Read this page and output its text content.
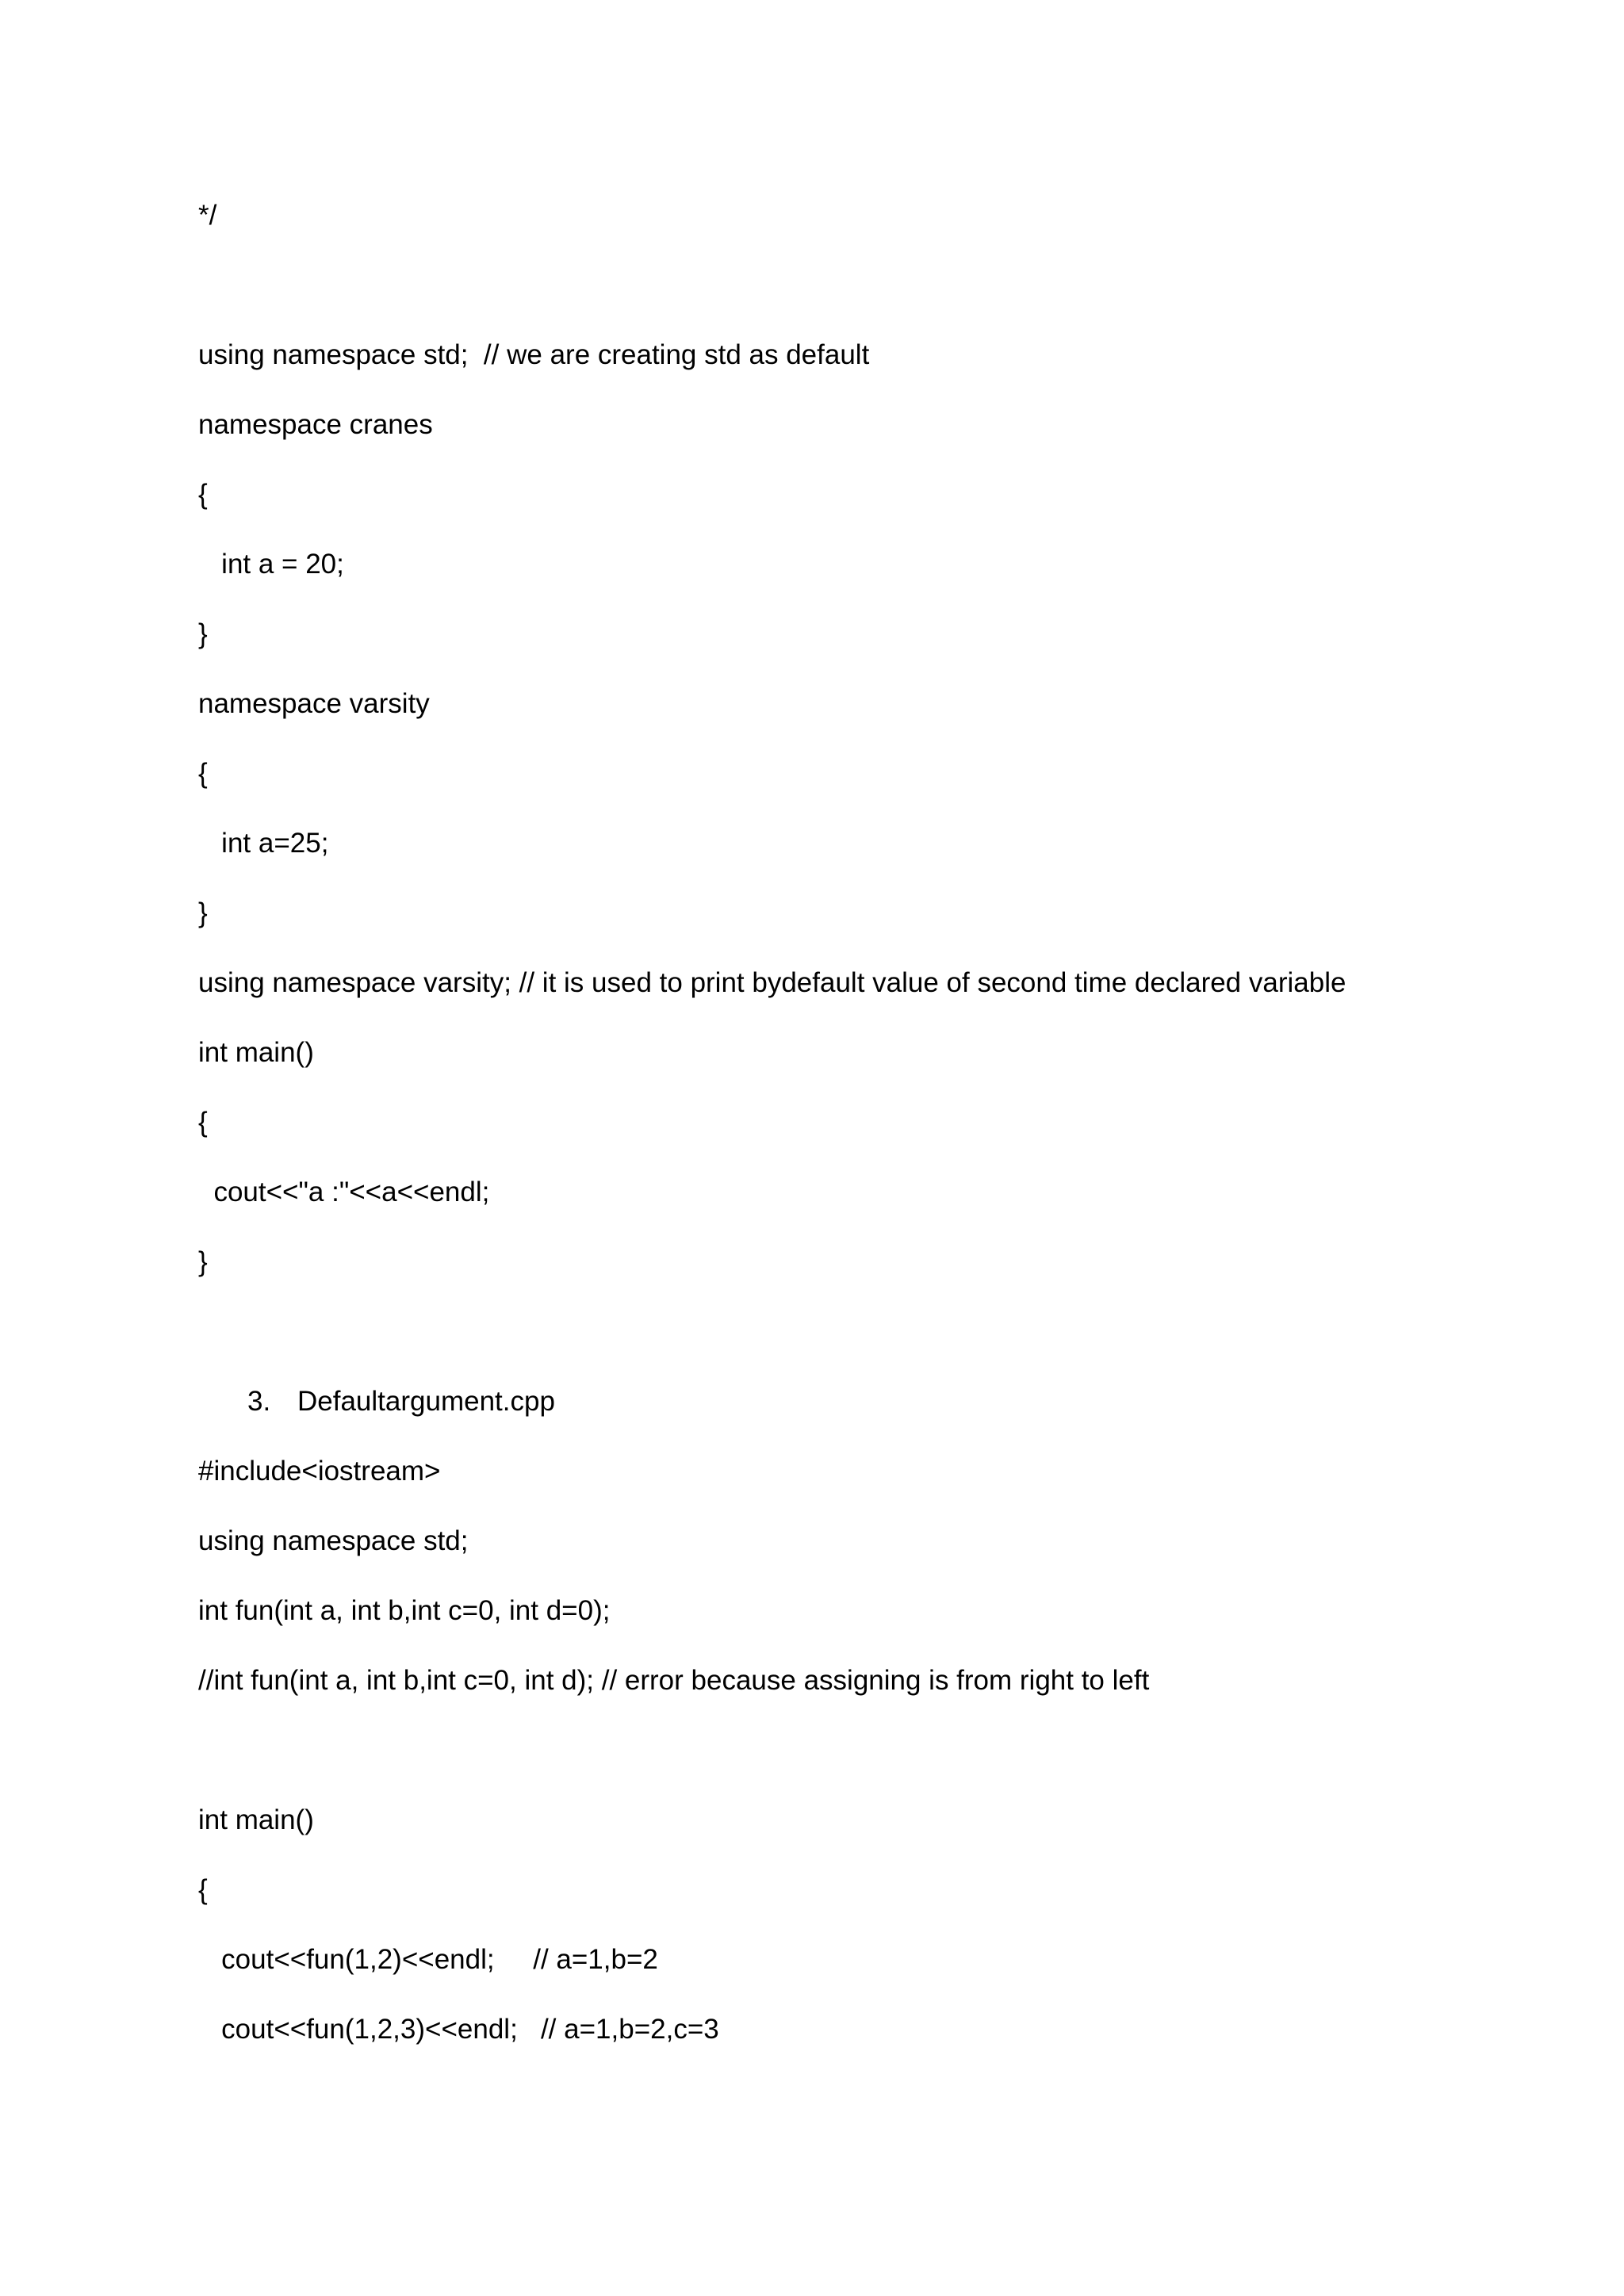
*/
using namespace std;  // we are creating std as default
namespace cranes
{
int a = 20;
}
namespace varsity
{
int a=25;
}
using namespace varsity; // it is used to print bydefault value of second time declared variable
int main()
{
cout<<"a :"<<a<<endl;
}
3. Defaultargument.cpp
#include<iostream>
using namespace std;
int fun(int a, int b,int c=0, int d=0);
//int fun(int a, int b,int c=0, int d); // error because assigning is from right to left
int main()
{
cout<<fun(1,2)<<endl;     // a=1,b=2
cout<<fun(1,2,3)<<endl;   // a=1,b=2,c=3
